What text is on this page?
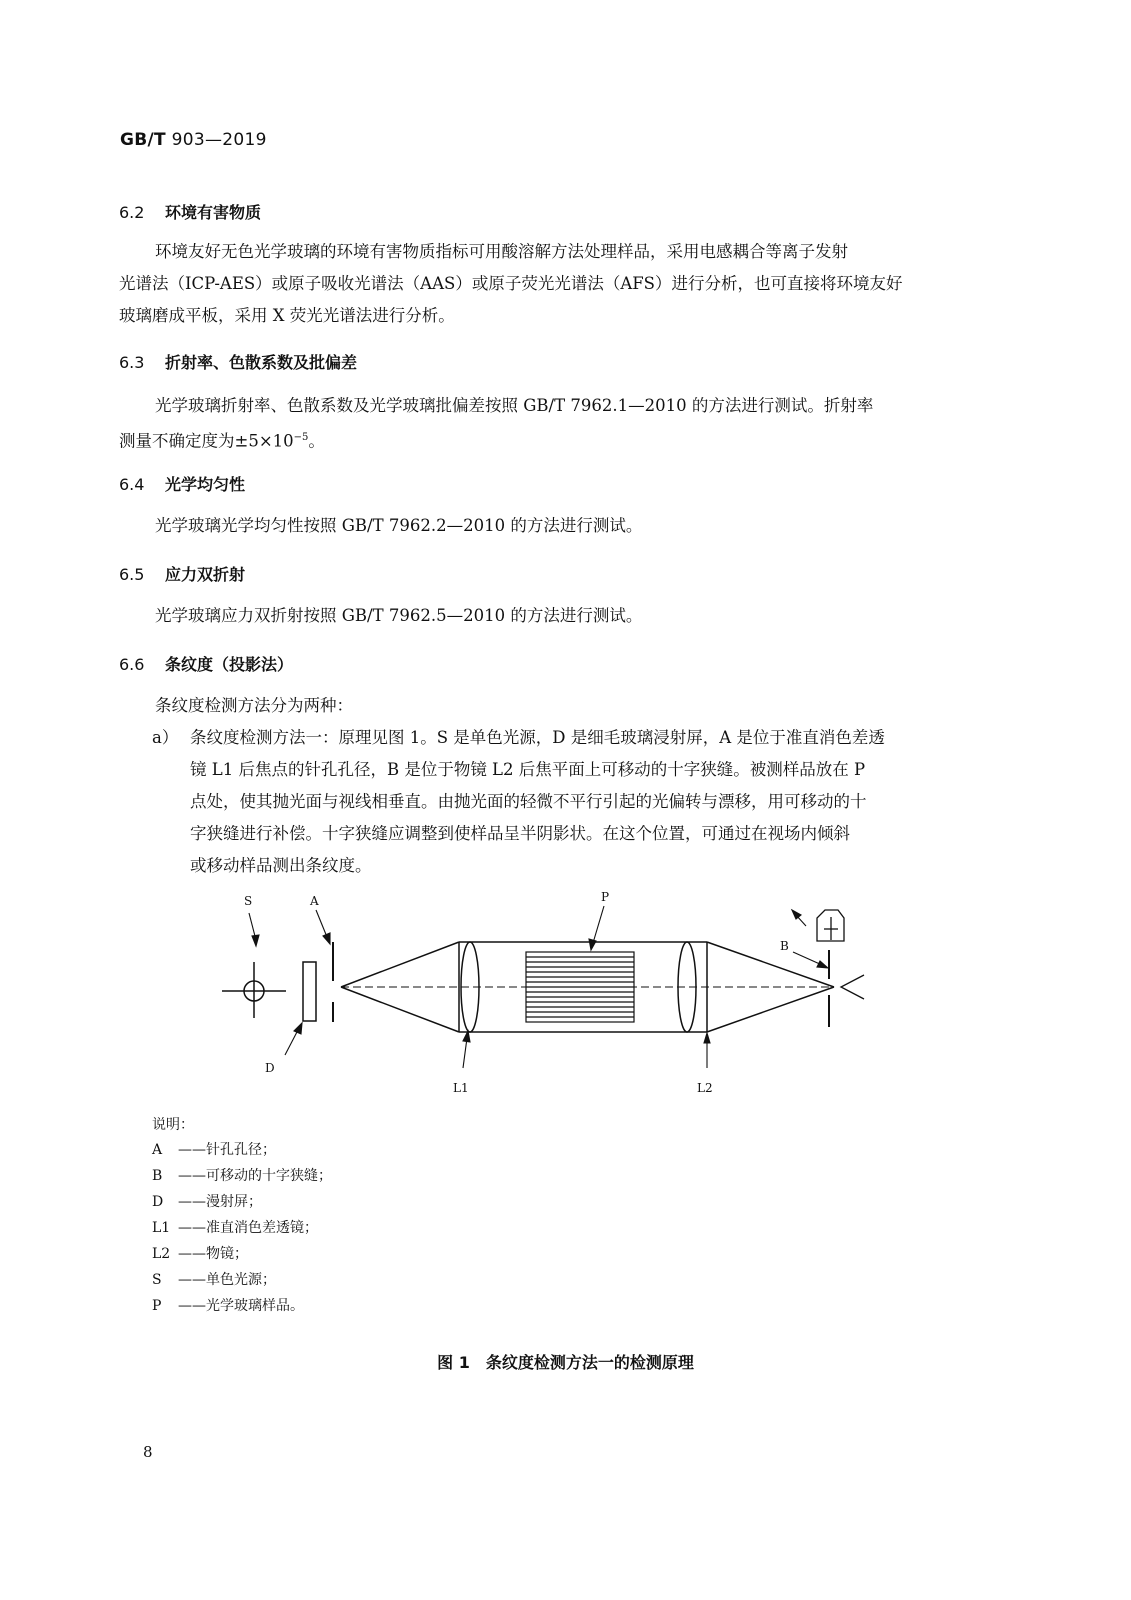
GB/T 903—2019
6.2 环境有害物质
环境友好无色光学玻璃的环境有害物质指标可用酸溶解方法处理样品，采用电感耦合等离子发射
光谱法（ICP-AES）或原子吸收光谱法（AAS）或原子荧光光谱法（AFS）进行分析，也可直接将环境友好
玻璃磨成平板，采用 X 荧光光谱法进行分析。
6.3 折射率、色散系数及批偏差
光学玻璃折射率、色散系数及光学玻璃批偏差按照 GB/T 7962.1—2010 的方法进行测试。折射率
测量不确定度为$\pm 5\times 10^{-5}$。
6.4 光学均匀性
光学玻璃光学均匀性按照 GB/T 7962.2—2010 的方法进行测试。
6.5 应力双折射
光学玻璃应力双折射按照 GB/T 7962.5—2010 的方法进行测试。
6.6 条纹度（投影法）
条纹度检测方法分为两种：
a） 条纹度检测方法一：原理见图 1。S 是单色光源，D 是细毛玻璃浸射屏，A 是位于准直消色差透
镜 L1 后焦点的针孔孔径，B 是位于物镜 L2 后焦平面上可移动的十字狭缝。被测样品放在 P
点处，使其抛光面与视线相垂直。由抛光面的轻微不平行引起的光偏转与漂移，用可移动的十
字狭缝进行补偿。十字狭缝应调整到使样品呈半阴影状。在这个位置，可通过在视场内倾斜
或移动样品测出条纹度。
S	A	P
B
D
L1	L2
说明：
A ——针孔孔径；
B ——可移动的十字狭缝；
D ——漫射屏；
L1 ——准直消色差透镜；
L2 ——物镜；
S ——单色光源；
P ——光学玻璃样品。
图 1　条纹度检测方法一的检测原理
8
